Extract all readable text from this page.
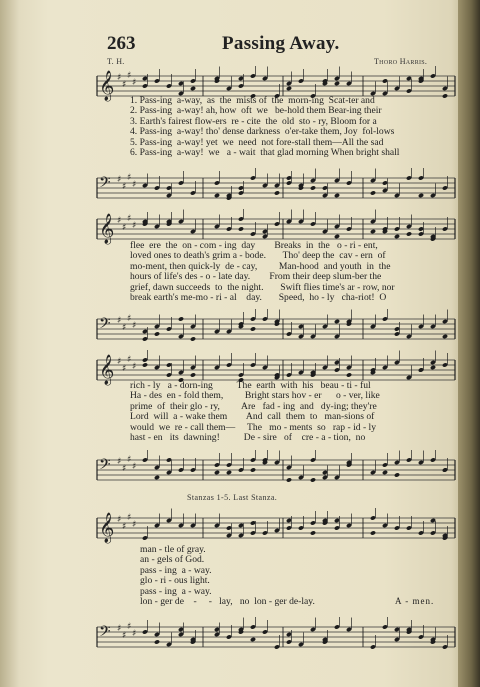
263	Passing Away.
T. H.	Thoro Harris.
𝄞 ♯
♯
♯
♯
1. Pass-ing  a-way,  as  the  mists of  the  morn-ing  Scat-ter and
2. Pass-ing  a-way! ah, how  oft  we   be-hold them Bear-ing their
3. Earth's fairest flow-ers  re - cite  the  old  sto - ry, Bloom for a
4. Pass-ing  a-way! tho' dense darkness  o'er-take them, Joy  fol-lows
5. Pass-ing  a-way! yet  we  need  not fore-stall them—All the sad
6. Pass-ing  a-way!  we   a - wait  that glad morning When bright shall
𝄢 ♯
♯
♯
♯
𝄞 ♯
♯
♯
♯
flee  ere  the  on - com - ing  day        Breaks  in  the   o - ri - ent,
loved ones to death's grim a - bode.       Tho' deep the  cav - ern  of
mo-ment, then quick-ly  de - cay,         Man-hood  and youth  in  the
hours of life's des - o - late day.        From their deep slum-ber the
grief, dawn succeeds  to  the night.       Swift flies time's ar - row, nor
break earth's me-mo - ri - al    day.       Speed,  ho - ly   cha-riot!  O
𝄢 ♯
♯
♯
♯
𝄞 ♯
♯
♯
♯
rich - ly   a - dorn-ing          The  earth  with  his   beau - ti - ful
Ha - des  en - fold them,         Bright stars hov - er      o - ver, like
prime  of  their glo - ry,         Are   fad - ing  and   dy-ing; they're
Lord  will  a - wake them        And  call  them  to   man-sions of
would  we  re - call them—     The   mo - ments  so   rap - id - ly
hast - en   its  dawning!          De - sire   of    cre - a - tion,  no
𝄢 ♯
♯
♯
♯
Stanzas 1-5. Last Stanza.
𝄞 ♯
♯
♯
♯
man - tle of gray.
an - gels of God.
pass - ing  a - way.
glo - ri - ous light.
pass - ing  a - way.
lon - ger de    -     -   lay,   no  lon - ger de-lay.	A - men.
𝄢 ♯
♯
♯
♯
